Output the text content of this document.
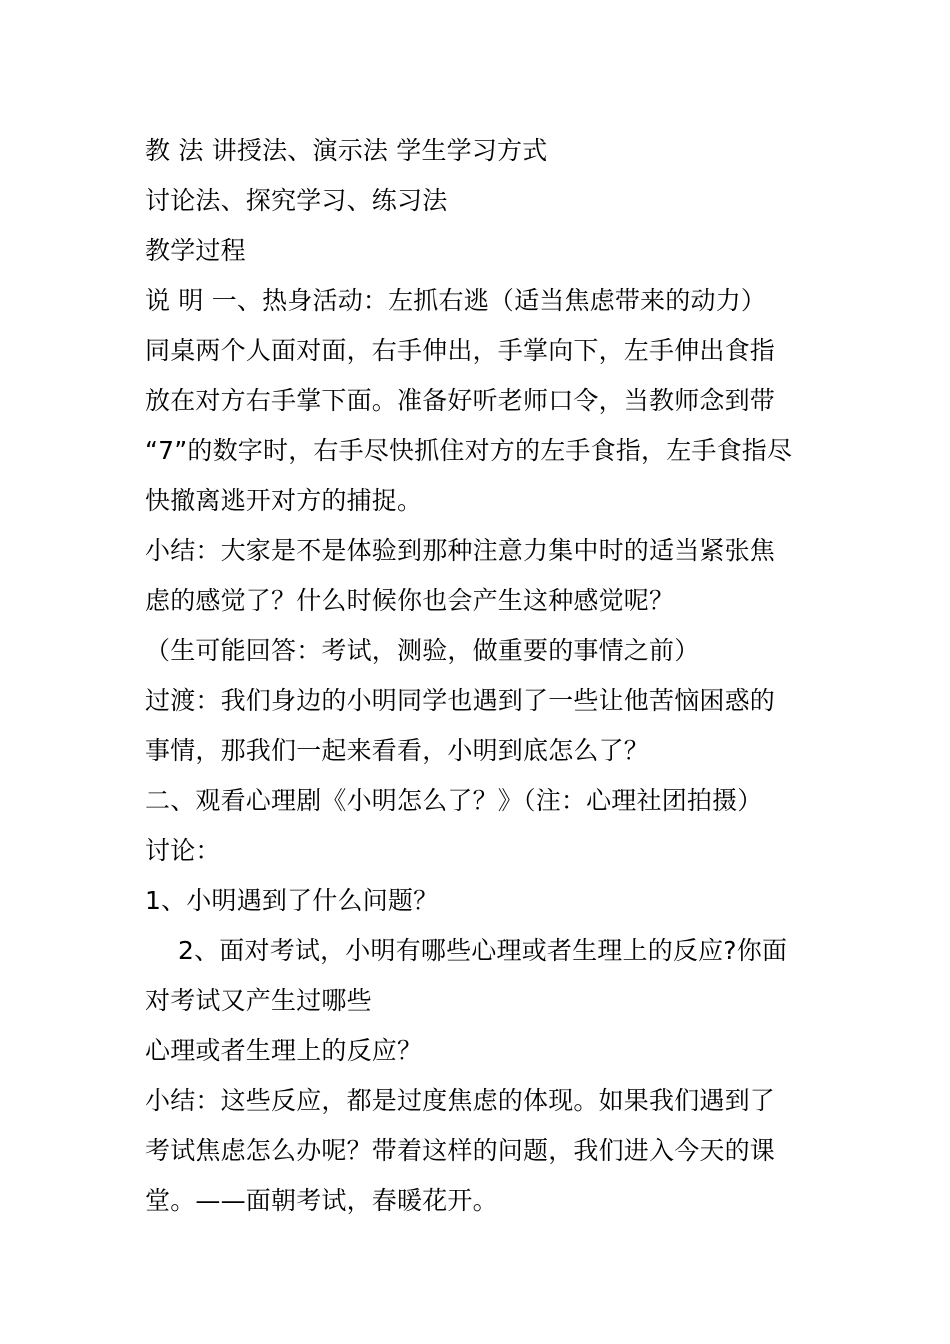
教 法 讲授法、演示法 学生学习方式
讨论法、探究学习、练习法
教学过程
说 明 一、热身活动：左抓右逃（适当焦虑带来的动力）
同桌两个人面对面，右手伸出，手掌向下，左手伸出食指
放在对方右手掌下面。准备好听老师口令，当教师念到带
“7”的数字时，右手尽快抓住对方的左手食指，左手食指尽
快撤离逃开对方的捕捉。
小结：大家是不是体验到那种注意力集中时的适当紧张焦
虑的感觉了？什么时候你也会产生这种感觉呢？
（生可能回答：考试，测验，做重要的事情之前）
过渡：我们身边的小明同学也遇到了一些让他苦恼困惑的
事情，那我们一起来看看，小明到底怎么了？
二、观看心理剧《小明怎么了？》（注：心理社团拍摄）
讨论：
1、小明遇到了什么问题？
2、面对考试，小明有哪些心理或者生理上的反应?你面
对考试又产生过哪些
心理或者生理上的反应？
小结：这些反应，都是过度焦虑的体现。如果我们遇到了
考试焦虑怎么办呢？带着这样的问题，我们进入今天的课
堂。——面朝考试，春暖花开。
